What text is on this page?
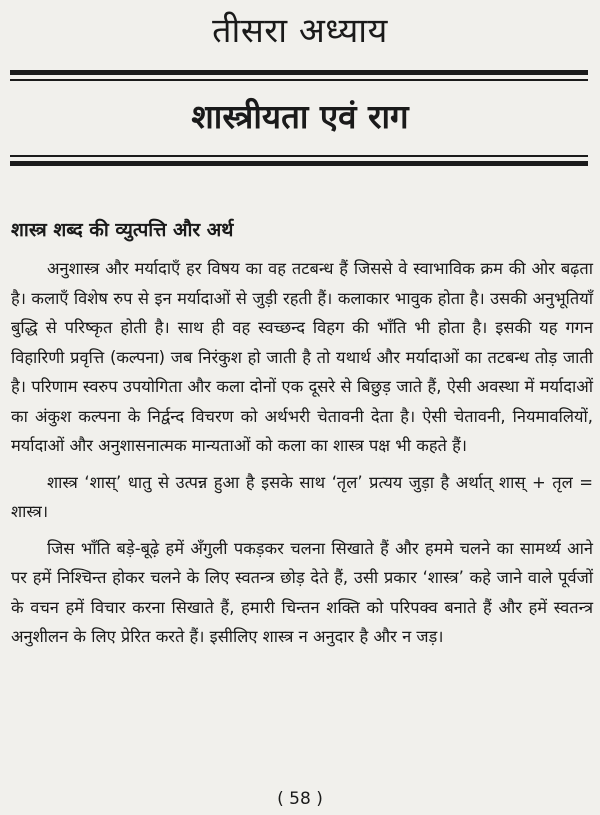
तीसरा अध्याय
शास्त्रीयता एवं राग
शास्त्र शब्द की व्युत्पत्ति और अर्थ

अनुशास्त्र और मर्यादाएँ हर विषय का वह तटबन्ध हैं जिससे वे स्वाभाविक क्रम की ओर बढ़ता है। कलाएँ विशेष रुप से इन मर्यादाओं से जुड़ी रहती हैं। कलाकार भावुक होता है। उसकी अनुभूतियाँ बुद्धि से परिष्कृत होती है। साथ ही वह स्वच्छन्द विहग की भाँति भी होता है। इसकी यह गगन विहारिणी प्रवृत्ति (कल्पना) जब निरंकुश हो जाती है तो यथार्थ और मर्यादाओं का तटबन्ध तोड़ जाती है। परिणाम स्वरुप उपयोगिता और कला दोनों एक दूसरे से बिछुड़ जाते हैं, ऐसी अवस्था में मर्यादाओं का अंकुश कल्पना के निर्द्वन्द विचरण को अर्थभरी चेतावनी देता है। ऐसी चेतावनी, नियमावलियों, मर्यादाओं और अनुशासनात्मक मान्यताओं को कला का शास्त्र पक्ष भी कहते हैं।

शास्त्र ‘शास्’ धातु से उत्पन्न हुआ है इसके साथ ‘तृल’ प्रत्यय जुड़ा है अर्थात् शास् + तृल = शास्त्र।

जिस भाँति बड़े-बूढ़े हमें अँगुली पकड़कर चलना सिखाते हैं और हममे चलने का सामर्थ्य आने पर हमें निश्चिन्त होकर चलने के लिए स्वतन्त्र छोड़ देते हैं, उसी प्रकार ‘शास्त्र’ कहे जाने वाले पूर्वजों के वचन हमें विचार करना सिखाते हैं, हमारी चिन्तन शक्ति को परिपक्व बनाते हैं और हमें स्वतन्त्र अनुशीलन के लिए प्रेरित करते हैं। इसीलिए शास्त्र न अनुदार है और न जड़।

( 58 )
